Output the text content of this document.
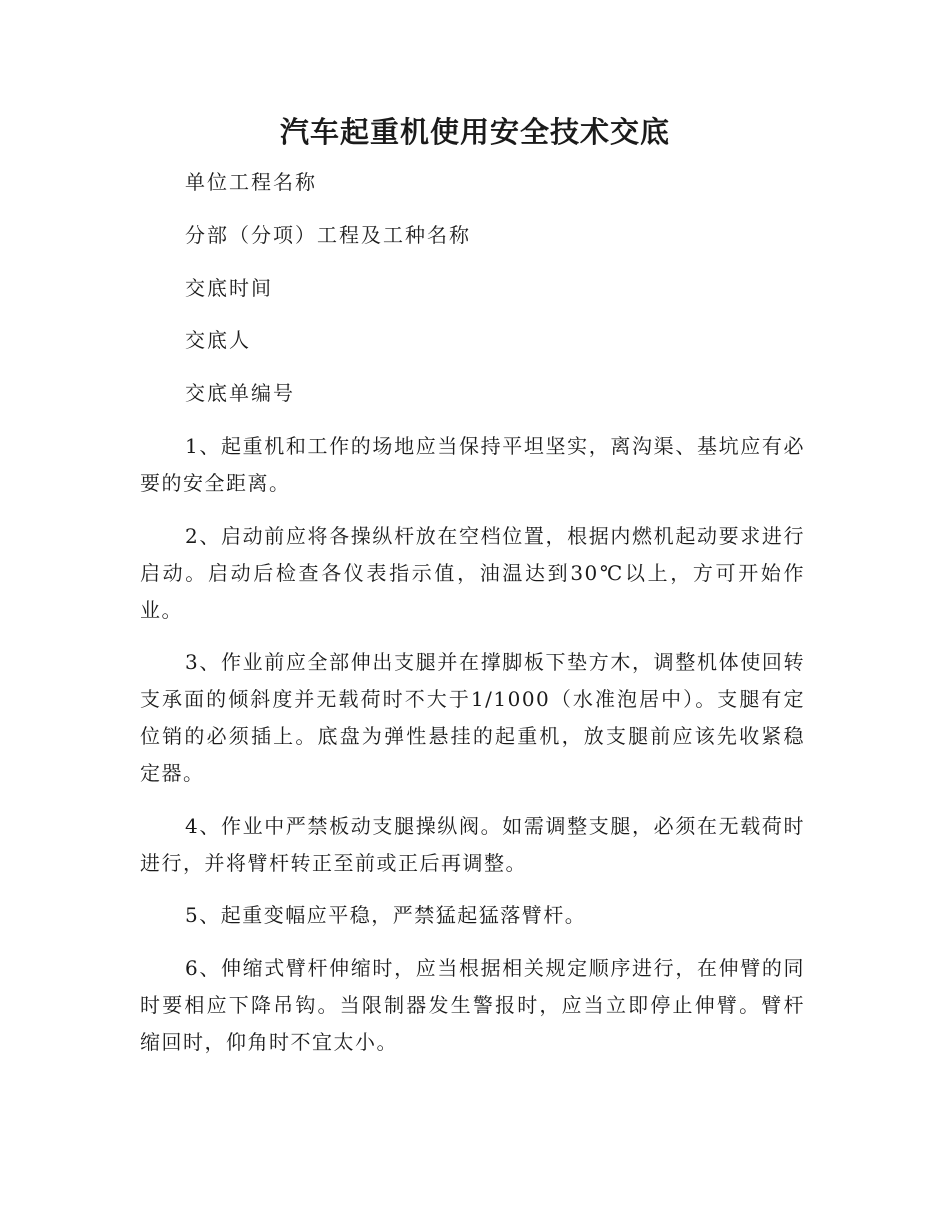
汽车起重机使用安全技术交底
单位工程名称
分部（分项）工程及工种名称
交底时间
交底人
交底单编号

1、起重机和工作的场地应当保持平坦坚实，离沟渠、基坑应有必要的安全距离。

2、启动前应将各操纵杆放在空档位置，根据内燃机起动要求进行启动。启动后检查各仪表指示值，油温达到30℃以上，方可开始作业。

3、作业前应全部伸出支腿并在撑脚板下垫方木，调整机体使回转支承面的倾斜度并无载荷时不大于1/1000（水准泡居中）。支腿有定位销的必须插上。底盘为弹性悬挂的起重机，放支腿前应该先收紧稳定器。

4、作业中严禁板动支腿操纵阀。如需调整支腿，必须在无载荷时进行，并将臂杆转正至前或正后再调整。

5、起重变幅应平稳，严禁猛起猛落臂杆。

6、伸缩式臂杆伸缩时，应当根据相关规定顺序进行，在伸臂的同时要相应下降吊钩。当限制器发生警报时，应当立即停止伸臂。臂杆缩回时，仰角时不宜太小。
